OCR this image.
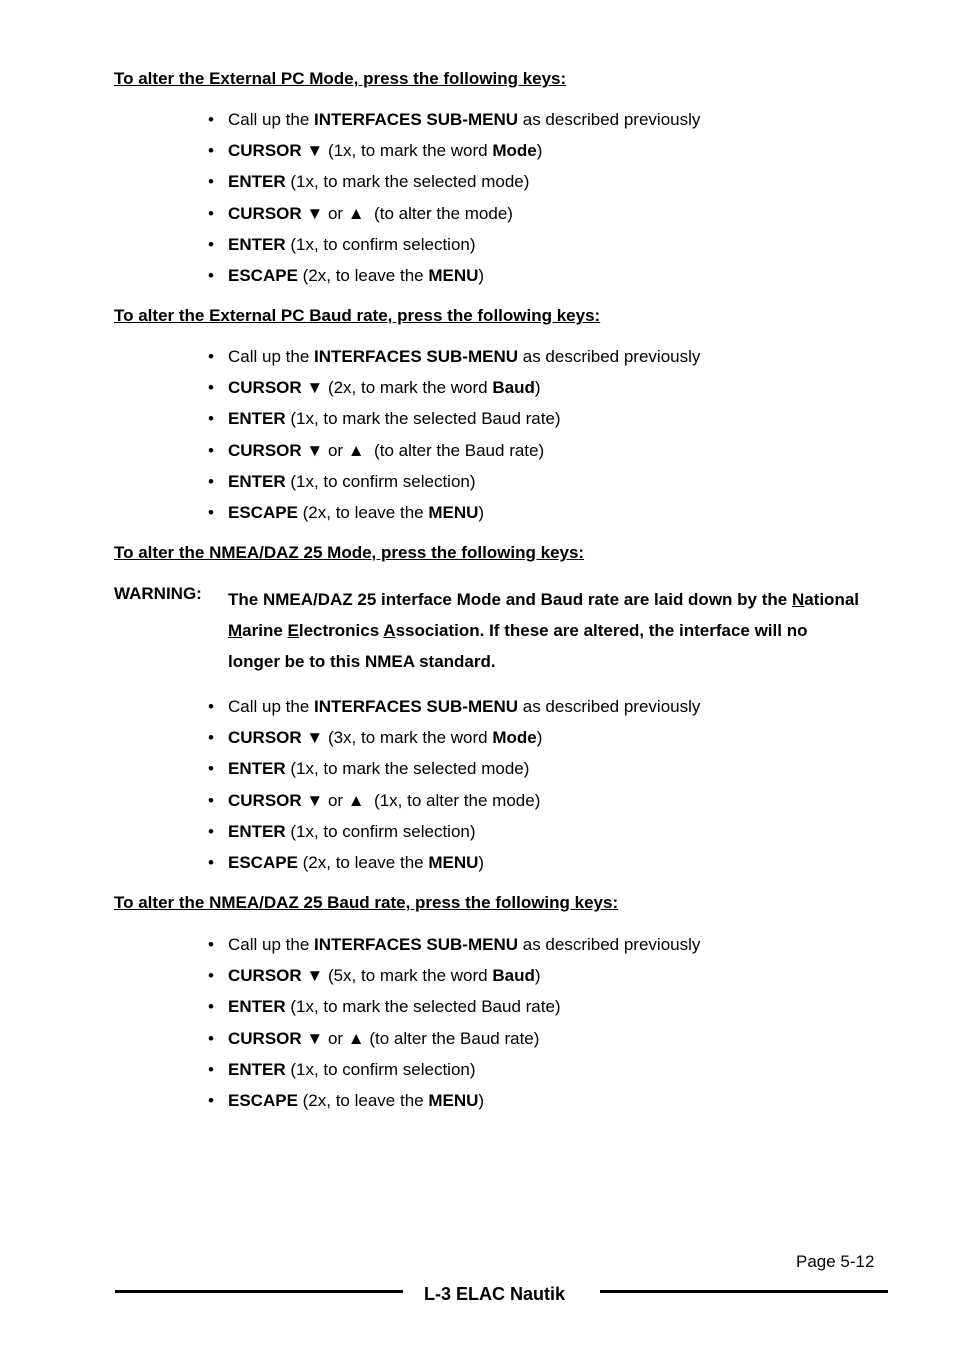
To alter the External PC Mode, press the following keys:
• Call up the INTERFACES SUB-MENU as described previously
• CURSOR ▼ (1x, to mark the word Mode)
• ENTER (1x, to mark the selected mode)
• CURSOR ▼ or ▲  (to alter the mode)
• ENTER (1x, to confirm selection)
• ESCAPE (2x, to leave the MENU)
To alter the External PC Baud rate, press the following keys:
• Call up the INTERFACES SUB-MENU as described previously
• CURSOR ▼ (2x, to mark the word Baud)
• ENTER (1x, to mark the selected Baud rate)
• CURSOR ▼ or ▲  (to alter the Baud rate)
• ENTER (1x, to confirm selection)
• ESCAPE (2x, to leave the MENU)
To alter the NMEA/DAZ 25 Mode, press the following keys:
WARNING: The NMEA/DAZ 25 interface Mode and Baud rate are laid down by the National
Marine Electronics Association. If these are altered, the interface will no
longer be to this NMEA standard.
• Call up the INTERFACES SUB-MENU as described previously
• CURSOR ▼ (3x, to mark the word Mode)
• ENTER (1x, to mark the selected mode)
• CURSOR ▼ or ▲  (1x, to alter the mode)
• ENTER (1x, to confirm selection)
• ESCAPE (2x, to leave the MENU)
To alter the NMEA/DAZ 25 Baud rate, press the following keys:
• Call up the INTERFACES SUB-MENU as described previously
• CURSOR ▼ (5x, to mark the word Baud)
• ENTER (1x, to mark the selected Baud rate)
• CURSOR ▼ or ▲ (to alter the Baud rate)
• ENTER (1x, to confirm selection)
• ESCAPE (2x, to leave the MENU)
Page 5-12
L-3 ELAC Nautik
